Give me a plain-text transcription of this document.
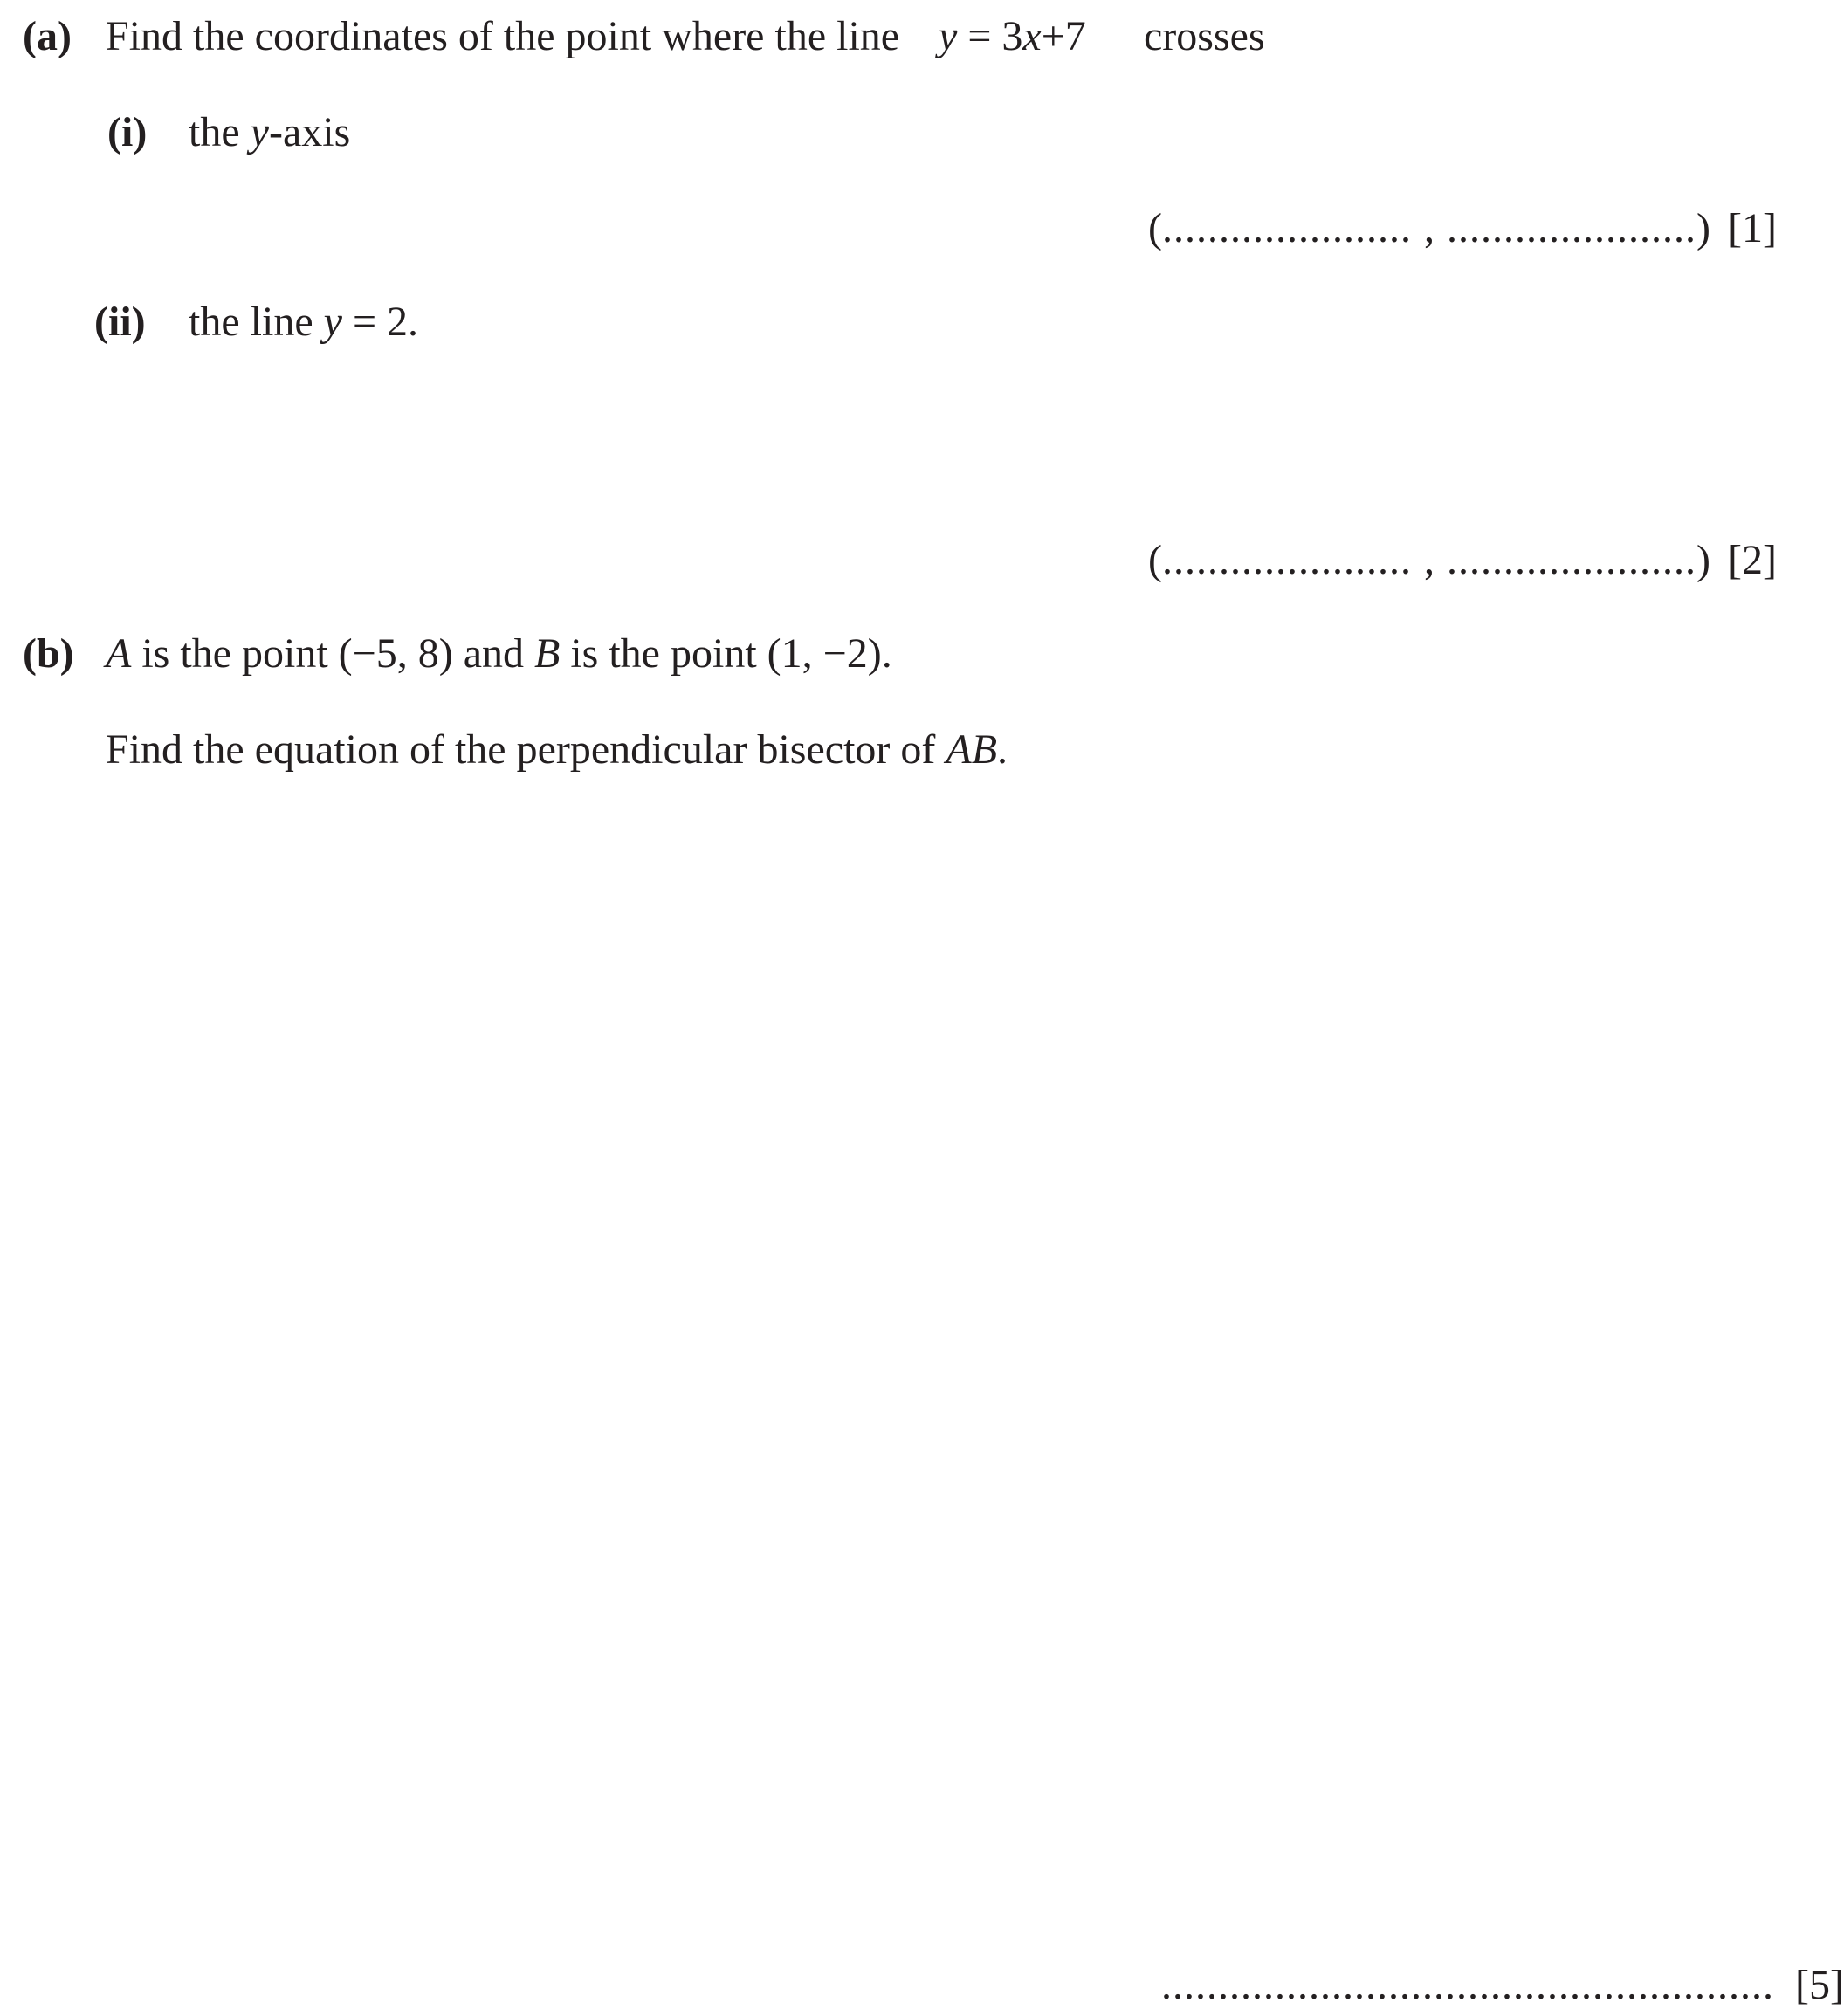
(a) Find the coordinates of the point where the line y = 3x+7 crosses
(i) the y-axis
(...................... , ......................) [1]
(ii) the line y = 2.
(...................... , ......................) [2]
(b) A is the point (−5, 8) and B is the point (1, −2).
Find the equation of the perpendicular bisector of AB.
...................................................... [5]
